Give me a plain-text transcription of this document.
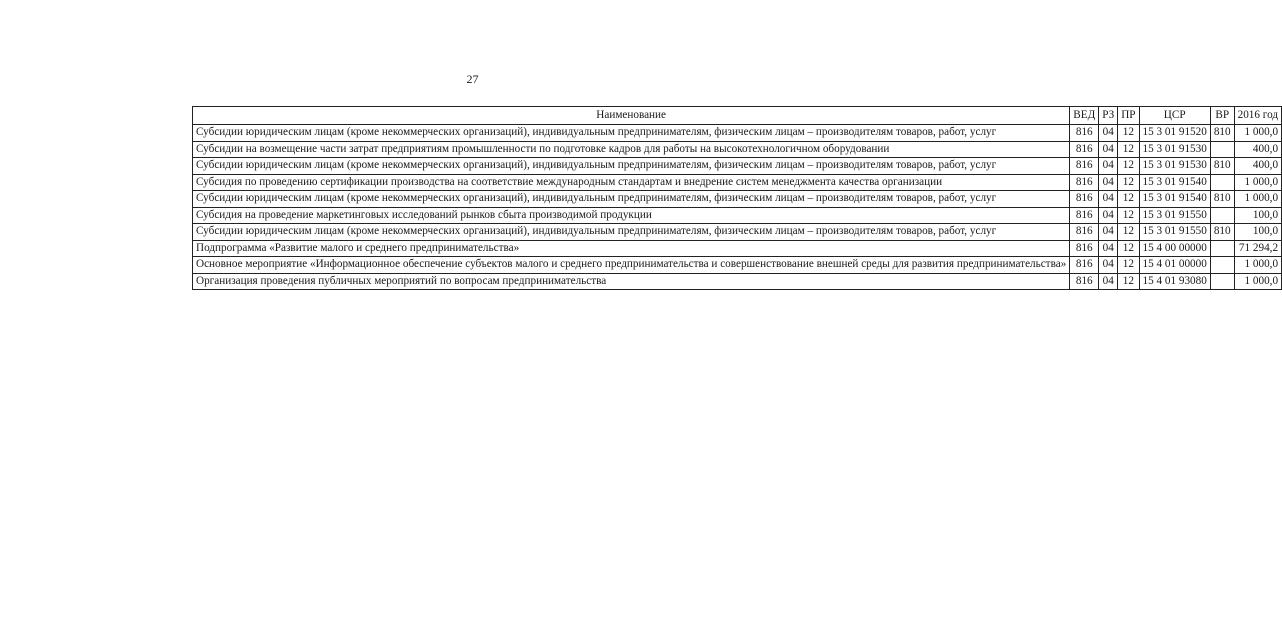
27
Наименование	ВЕД	РЗ	ПР	ЦСР	ВР	2016 год
Субсидии юридическим лицам (кроме некоммерческих организаций), индивидуальным предпринимателям, физическим лицам – производителям товаров, работ, услуг	816	04	12	15 3 01 91520	810	1 000,0
Субсидии на возмещение части затрат предприятиям промышленности по подготовке кадров для работы на высокотехнологичном оборудовании	816	04	12	15 3 01 91530		400,0
Субсидии юридическим лицам (кроме некоммерческих организаций), индивидуальным предпринимателям, физическим лицам – производителям товаров, работ, услуг	816	04	12	15 3 01 91530	810	400,0
Субсидия по проведению сертификации производства на соответствие международным стандартам и внедрение систем менеджмента качества организации	816	04	12	15 3 01 91540		1 000,0
Субсидии юридическим лицам (кроме некоммерческих организаций), индивидуальным предпринимателям, физическим лицам – производителям товаров, работ, услуг	816	04	12	15 3 01 91540	810	1 000,0
Субсидия на проведение маркетинговых исследований рынков сбыта производимой продукции	816	04	12	15 3 01 91550		100,0
Субсидии юридическим лицам (кроме некоммерческих организаций), индивидуальным предпринимателям, физическим лицам – производителям товаров, работ, услуг	816	04	12	15 3 01 91550	810	100,0
Подпрограмма «Развитие малого и среднего предпринимательства»	816	04	12	15 4 00 00000		71 294,2
Основное мероприятие «Информационное обеспечение субъектов малого и среднего предпринимательства и совершенствование внешней среды для развития предпринимательства»	816	04	12	15 4 01 00000		1 000,0
Организация проведения публичных мероприятий по вопросам предпринимательства	816	04	12	15 4 01 93080		1 000,0
